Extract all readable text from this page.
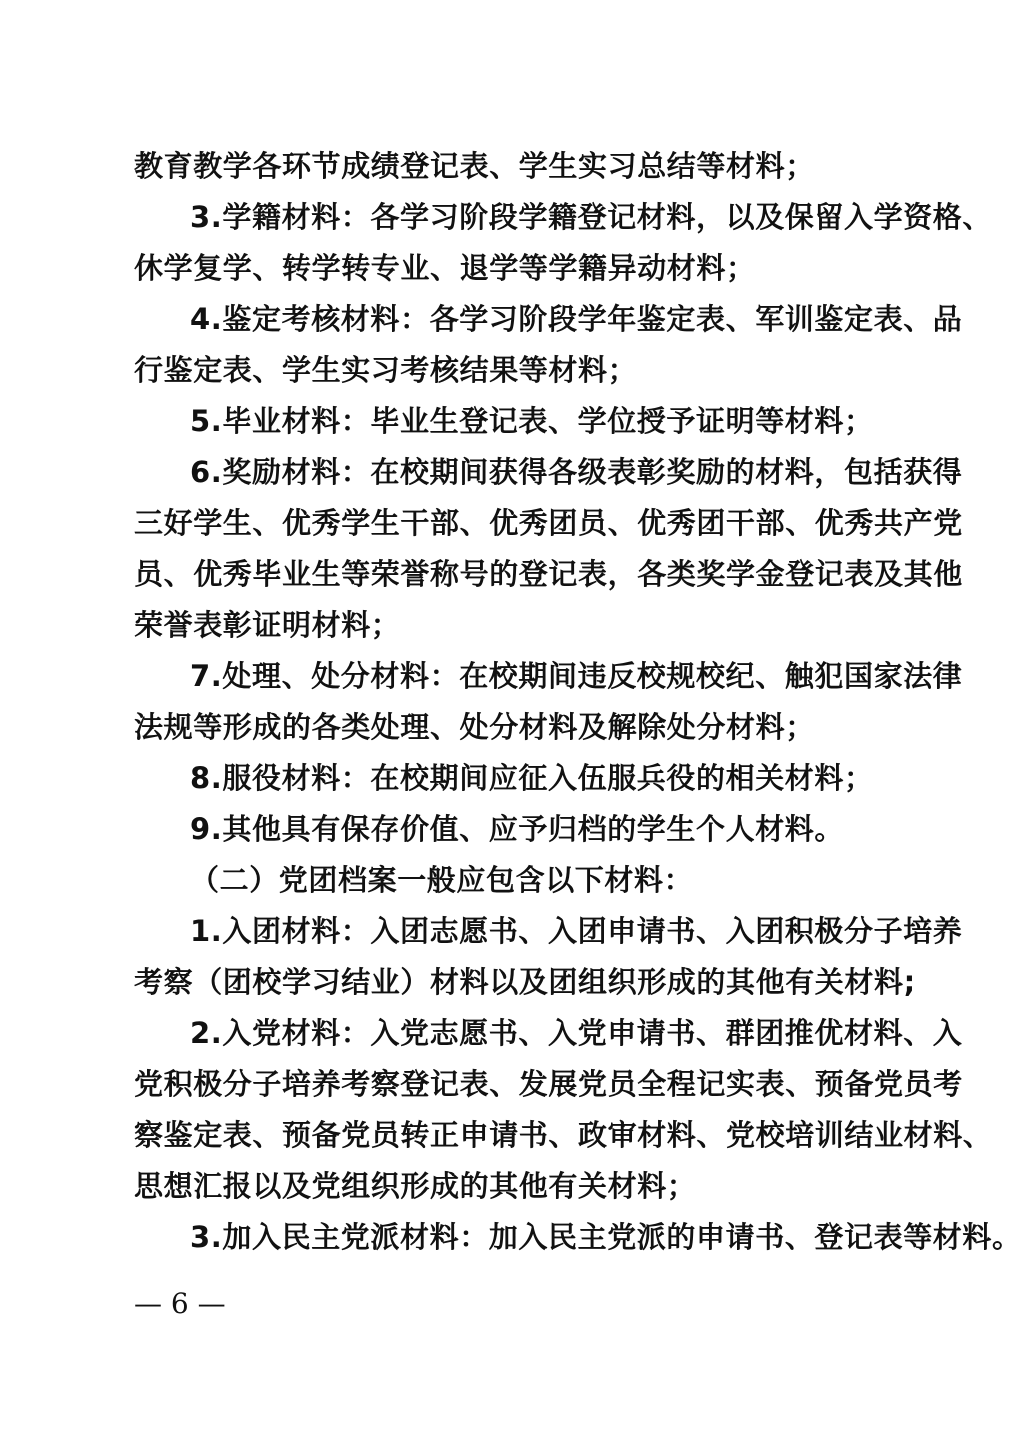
教育教学各环节成绩登记表、学生实习总结等材料；
3.学籍材料：各学习阶段学籍登记材料，以及保留入学资格、
休学复学、转学转专业、退学等学籍异动材料；
4.鉴定考核材料：各学习阶段学年鉴定表、军训鉴定表、品
行鉴定表、学生实习考核结果等材料；
5.毕业材料：毕业生登记表、学位授予证明等材料；
6.奖励材料：在校期间获得各级表彰奖励的材料，包括获得
三好学生、优秀学生干部、优秀团员、优秀团干部、优秀共产党
员、优秀毕业生等荣誉称号的登记表，各类奖学金登记表及其他
荣誉表彰证明材料；
7.处理、处分材料：在校期间违反校规校纪、触犯国家法律
法规等形成的各类处理、处分材料及解除处分材料；
8.服役材料：在校期间应征入伍服兵役的相关材料；
9.其他具有保存价值、应予归档的学生个人材料。
（二）党团档案一般应包含以下材料：
1.入团材料：入团志愿书、入团申请书、入团积极分子培养
考察（团校学习结业）材料以及团组织形成的其他有关材料;
2.入党材料：入党志愿书、入党申请书、群团推优材料、入
党积极分子培养考察登记表、发展党员全程记实表、预备党员考
察鉴定表、预备党员转正申请书、政审材料、党校培训结业材料、
思想汇报以及党组织形成的其他有关材料；
3.加入民主党派材料：加入民主党派的申请书、登记表等材料。
— 6 —
